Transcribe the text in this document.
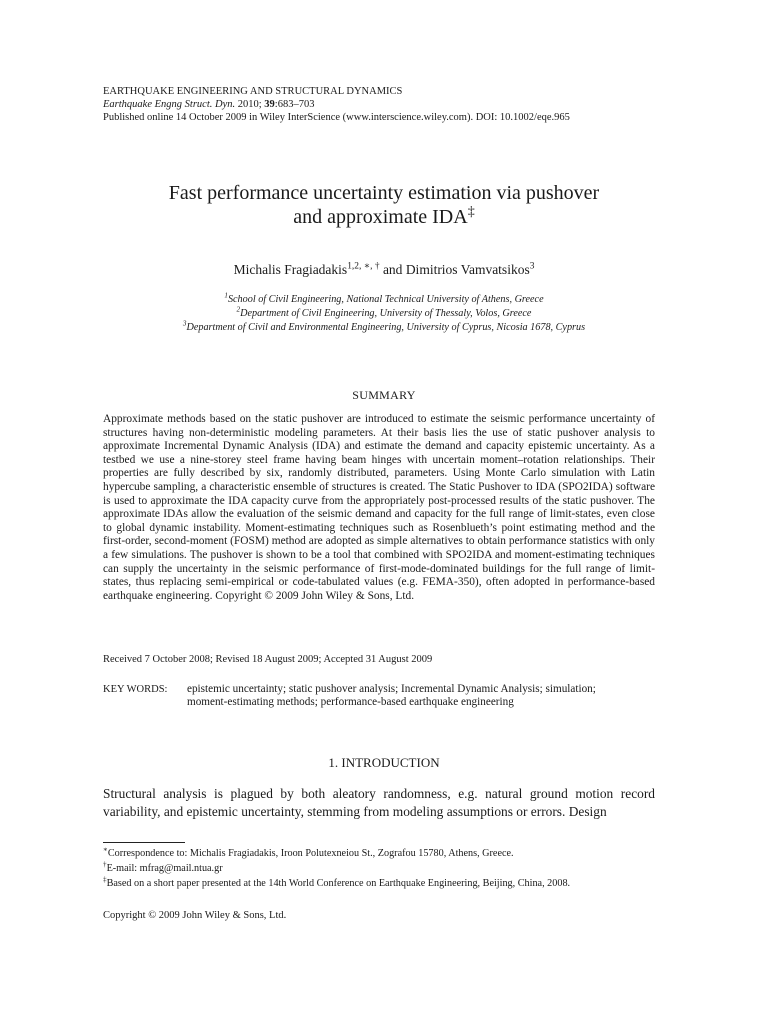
EARTHQUAKE ENGINEERING AND STRUCTURAL DYNAMICS
Earthquake Engng Struct. Dyn. 2010; 39:683–703
Published online 14 October 2009 in Wiley InterScience (www.interscience.wiley.com). DOI: 10.1002/eqe.965
Fast performance uncertainty estimation via pushover
and approximate IDA‡
Michalis Fragiadakis$^{1,2, ∗, \dagger}$ and Dimitrios Vamvatsikos$^3$
$^1$School of Civil Engineering, National Technical University of Athens, Greece
$^2$Department of Civil Engineering, University of Thessaly, Volos, Greece
$^3$Department of Civil and Environmental Engineering, University of Cyprus, Nicosia 1678, Cyprus
SUMMARY
Approximate methods based on the static pushover are introduced to estimate the seismic performance uncertainty of structures having non-deterministic modeling parameters. At their basis lies the use of static pushover analysis to approximate Incremental Dynamic Analysis (IDA) and estimate the demand and capacity epistemic uncertainty. As a testbed we use a nine-storey steel frame having beam hinges with uncertain moment–rotation relationships. Their properties are fully described by six, randomly distributed, parameters. Using Monte Carlo simulation with Latin hypercube sampling, a characteristic ensemble of structures is created. The Static Pushover to IDA (SPO2IDA) software is used to approximate the IDA capacity curve from the appropriately post-processed results of the static pushover. The approximate IDAs allow the evaluation of the seismic demand and capacity for the full range of limit-states, even close to global dynamic instability. Moment-estimating techniques such as Rosenblueth’s point estimating method and the first-order, second-moment (FOSM) method are adopted as simple alternatives to obtain performance statistics with only a few simulations. The pushover is shown to be a tool that combined with SPO2IDA and moment-estimating techniques can supply the uncertainty in the seismic performance of first-mode-dominated buildings for the full range of limit-states, thus replacing semi-empirical or code-tabulated values (e.g. FEMA-350), often adopted in performance-based earthquake engineering. Copyright © 2009 John Wiley & Sons, Ltd.
Received 7 October 2008; Revised 18 August 2009; Accepted 31 August 2009
KEY WORDS: epistemic uncertainty; static pushover analysis; Incremental Dynamic Analysis; simulation;
moment-estimating methods; performance-based earthquake engineering
1. INTRODUCTION
Structural analysis is plagued by both aleatory randomness, e.g. natural ground motion record variability, and epistemic uncertainty, stemming from modeling assumptions or errors. Design
∗Correspondence to: Michalis Fragiadakis, Iroon Polutexneiou St., Zografou 15780, Athens, Greece.
†E-mail: mfrag@mail.ntua.gr
‡Based on a short paper presented at the 14th World Conference on Earthquake Engineering, Beijing, China, 2008.
Copyright © 2009 John Wiley & Sons, Ltd.
